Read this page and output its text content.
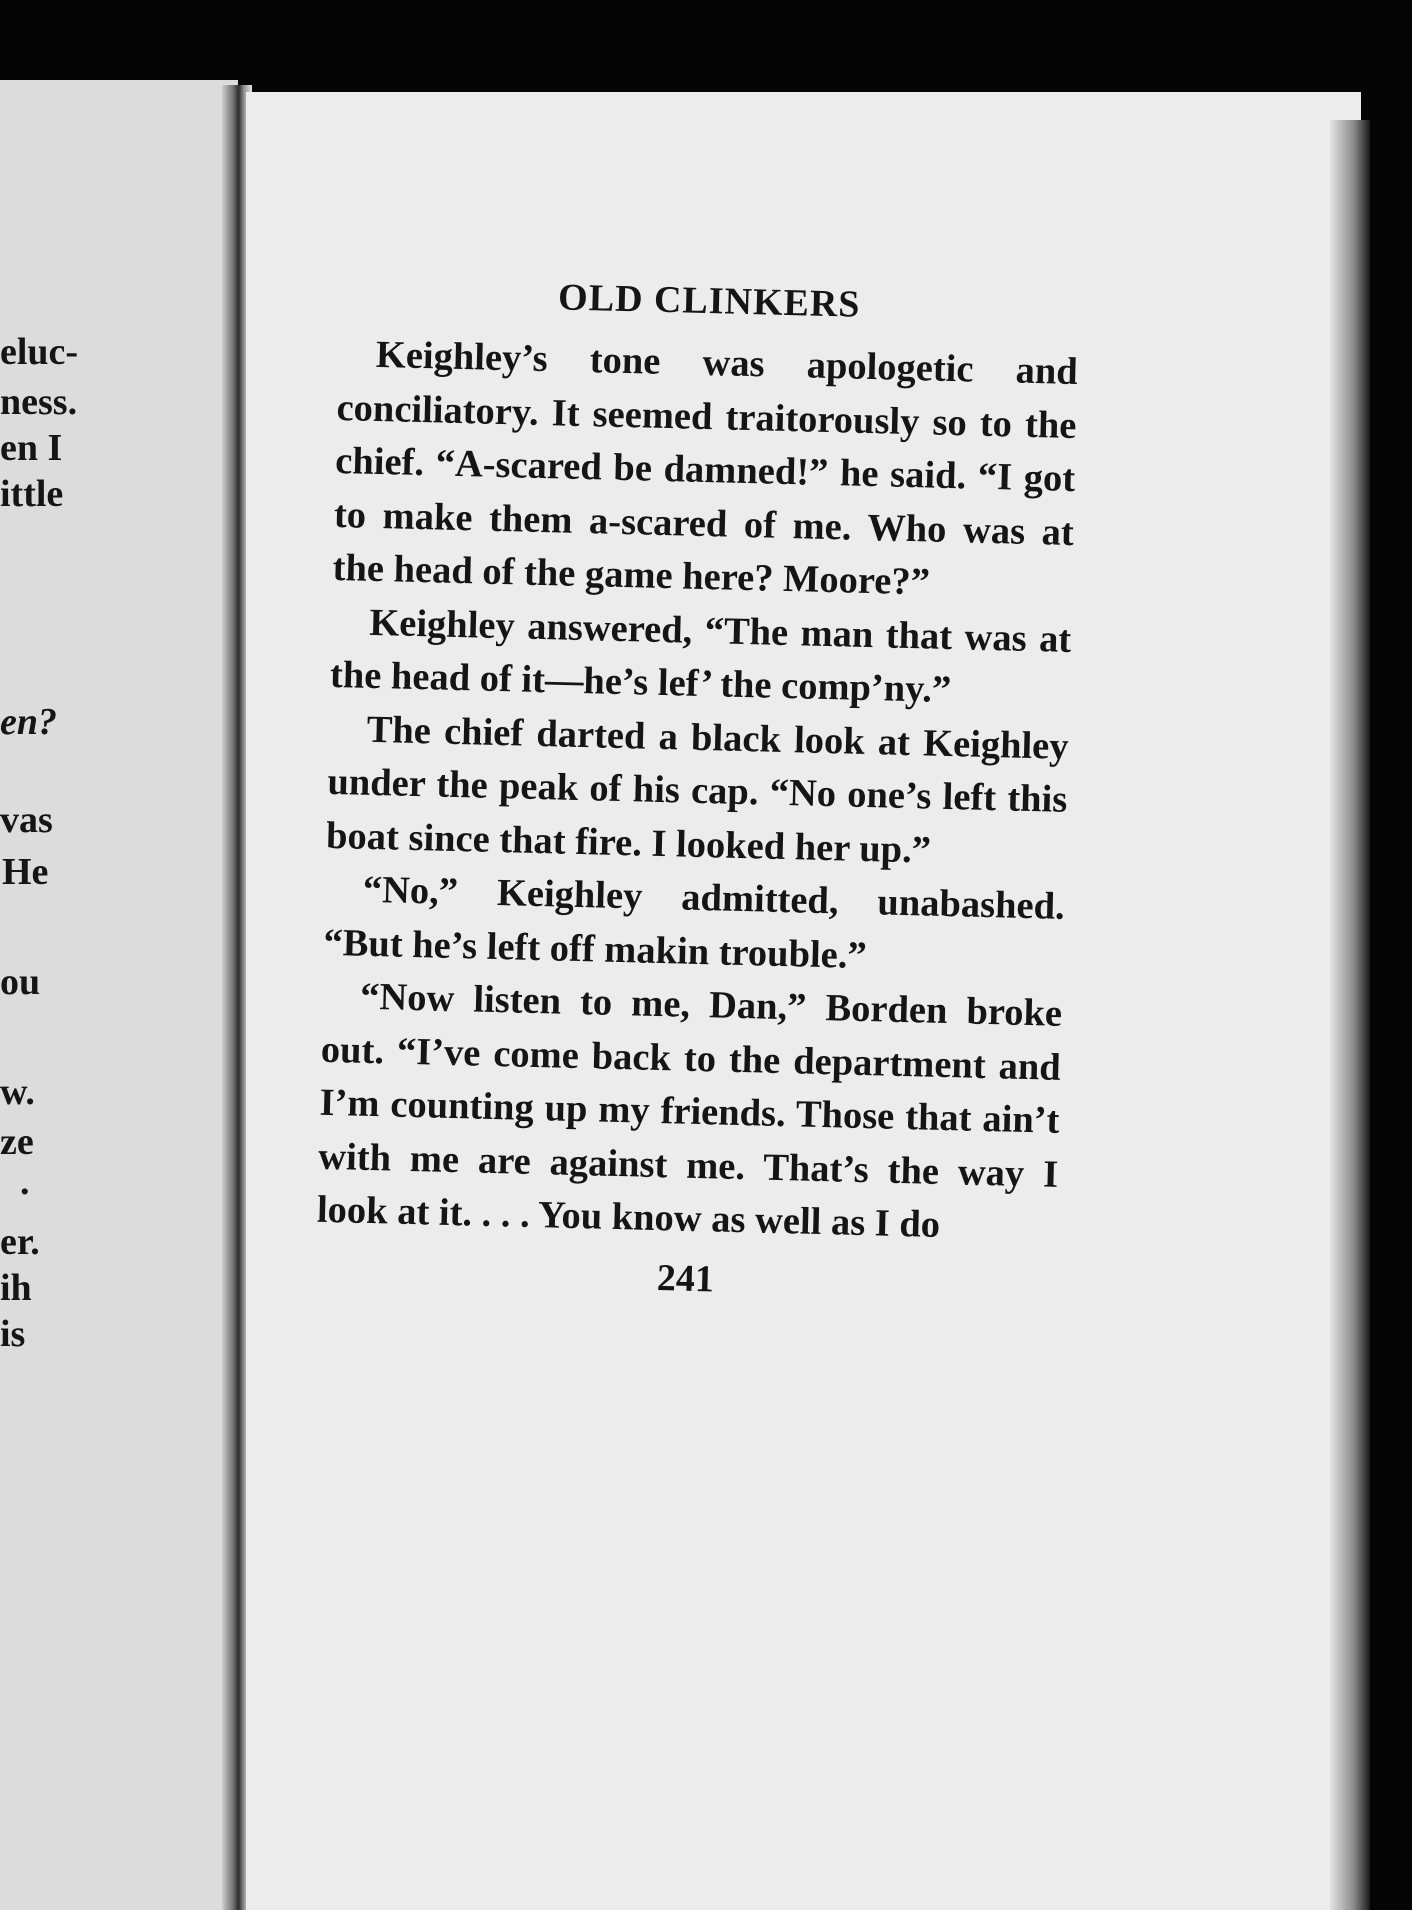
eluc-
ness.
en I
ittle
en?
vas
He
ou
w.
ze
.
er.
ih
is
OLD CLINKERS

Keighley’s tone was apologetic and conciliatory. It seemed traitorously so to the chief. “A-scared be damned!” he said. “I got to make them a-scared of me. Who was at the head of the game here? Moore?”

Keighley answered, “The man that was at the head of it—he’s lef’ the comp’ny.”

The chief darted a black look at Keighley under the peak of his cap. “No one’s left this boat since that fire. I looked her up.”

“No,” Keighley admitted, unabashed. “But he’s left off makin trouble.”

“Now listen to me, Dan,” Borden broke out. “I’ve come back to the department and I’m counting up my friends. Those that ain’t with me are against me. That’s the way I look at it. . . . You know as well as I do

241
